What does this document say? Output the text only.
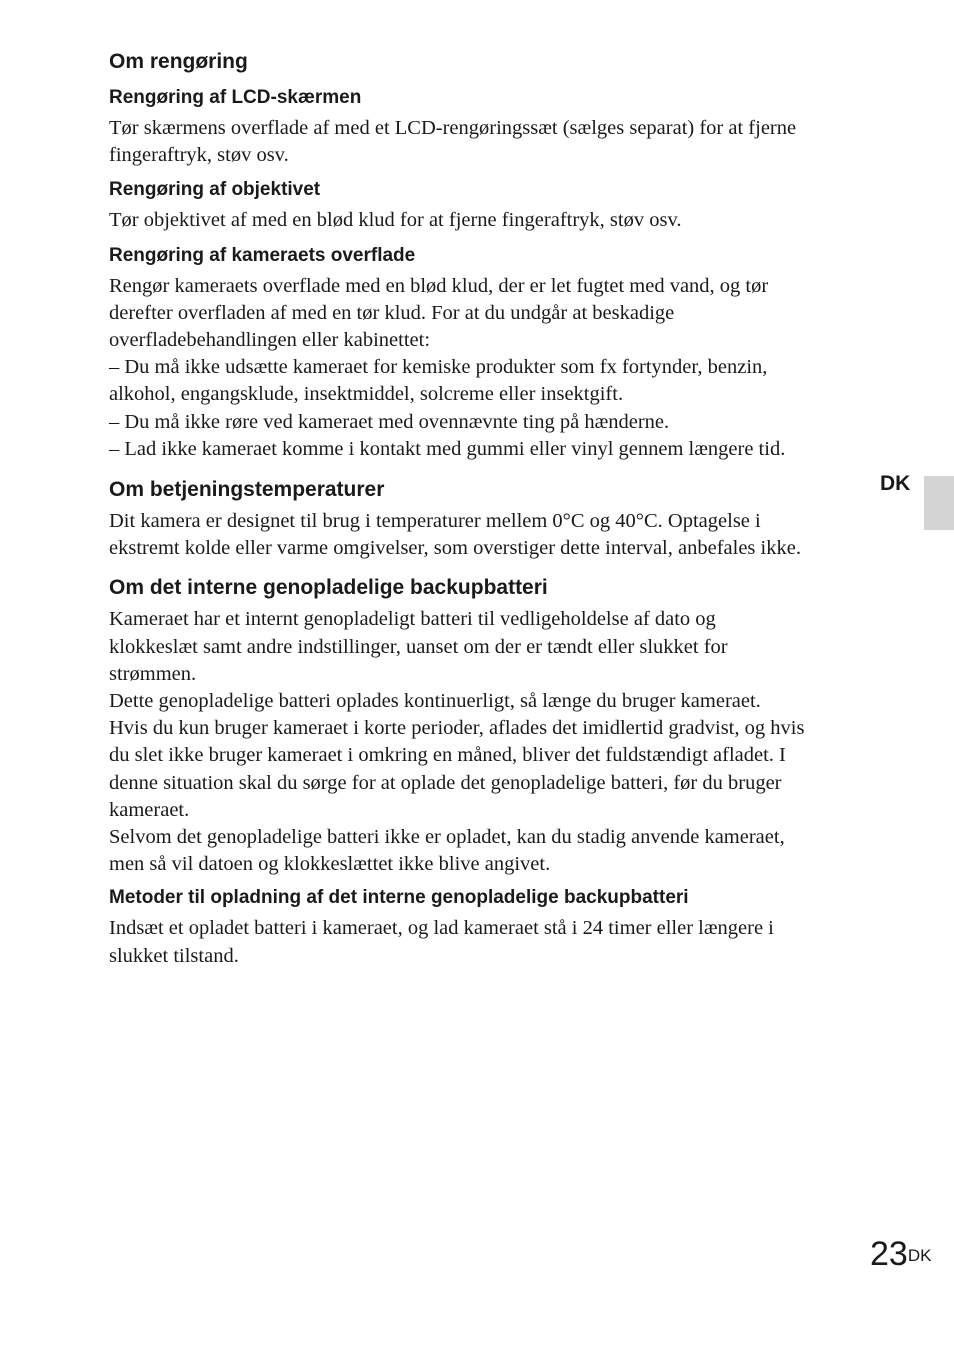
Om rengøring
Rengøring af LCD-skærmen
Tør skærmens overflade af med et LCD-rengøringssæt (sælges separat) for at fjerne
fingeraftryk, støv osv.
Rengøring af objektivet
Tør objektivet af med en blød klud for at fjerne fingeraftryk, støv osv.
Rengøring af kameraets overflade
Rengør kameraets overflade med en blød klud, der er let fugtet med vand, og tør
derefter overfladen af med en tør klud. For at du undgår at beskadige
overfladebehandlingen eller kabinettet:
– Du må ikke udsætte kameraet for kemiske produkter som fx fortynder, benzin,
alkohol, engangsklude, insektmiddel, solcreme eller insektgift.
– Du må ikke røre ved kameraet med ovennævnte ting på hænderne.
– Lad ikke kameraet komme i kontakt med gummi eller vinyl gennem længere tid.
Om betjeningstemperaturer
Dit kamera er designet til brug i temperaturer mellem 0°C og 40°C. Optagelse i
ekstremt kolde eller varme omgivelser, som overstiger dette interval, anbefales ikke.
Om det interne genopladelige backupbatteri
Kameraet har et internt genopladeligt batteri til vedligeholdelse af dato og
klokkeslæt samt andre indstillinger, uanset om der er tændt eller slukket for
strømmen.
Dette genopladelige batteri oplades kontinuerligt, så længe du bruger kameraet.
Hvis du kun bruger kameraet i korte perioder, aflades det imidlertid gradvist, og hvis
du slet ikke bruger kameraet i omkring en måned, bliver det fuldstændigt afladet. I
denne situation skal du sørge for at oplade det genopladelige batteri, før du bruger
kameraet.
Selvom det genopladelige batteri ikke er opladet, kan du stadig anvende kameraet,
men så vil datoen og klokkeslættet ikke blive angivet.
Metoder til opladning af det interne genopladelige backupbatteri
Indsæt et opladet batteri i kameraet, og lad kameraet stå i 24 timer eller længere i
slukket tilstand.
DK
$23^{DK}$
